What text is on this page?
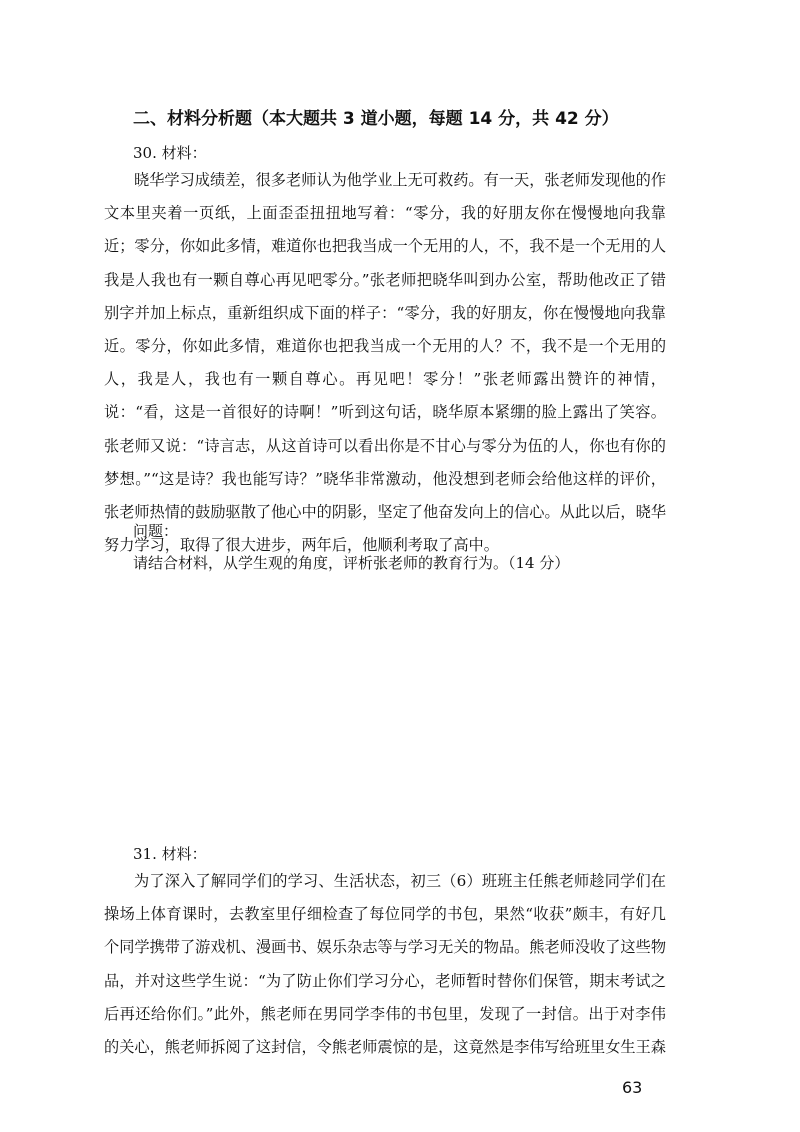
二、材料分析题（本大题共 3 道小题，每题 14 分，共 42 分）
30. 材料：

晓华学习成绩差，很多老师认为他学业上无可救药。有一天，张老师发现他的作文本里夹着一页纸，上面歪歪扭扭地写着：“零分，我的好朋友你在慢慢地向我靠近；零分，你如此多情，难道你也把我当成一个无用的人，不，我不是一个无用的人我是人我也有一颗自尊心再见吧零分。”张老师把晓华叫到办公室，帮助他改正了错别字并加上标点，重新组织成下面的样子：“零分，我的好朋友，你在慢慢地向我靠近。零分，你如此多情，难道你也把我当成一个无用的人？不，我不是一个无用的人，我是人，我也有一颗自尊心。再见吧！零分！”张老师露出赞许的神情，说：“看，这是一首很好的诗啊！”听到这句话，晓华原本紧绷的脸上露出了笑容。张老师又说：“诗言志，从这首诗可以看出你是不甘心与零分为伍的人，你也有你的梦想。”“这是诗？我也能写诗？”晓华非常激动，他没想到老师会给他这样的评价，张老师热情的鼓励驱散了他心中的阴影，坚定了他奋发向上的信心。从此以后，晓华努力学习，取得了很大进步，两年后，他顺利考取了高中。

问题：
请结合材料，从学生观的角度，评析张老师的教育行为。（14 分）
31. 材料：

为了深入了解同学们的学习、生活状态，初三（6）班班主任熊老师趁同学们在操场上体育课时，去教室里仔细检查了每位同学的书包，果然“收获”颇丰，有好几个同学携带了游戏机、漫画书、娱乐杂志等与学习无关的物品。熊老师没收了这些物品，并对这些学生说：“为了防止你们学习分心，老师暂时替你们保管，期末考试之后再还给你们。”此外，熊老师在男同学李伟的书包里，发现了一封信。出于对李伟的关心，熊老师拆阅了这封信，令熊老师震惊的是，这竟然是李伟写给班里女生王森

63
